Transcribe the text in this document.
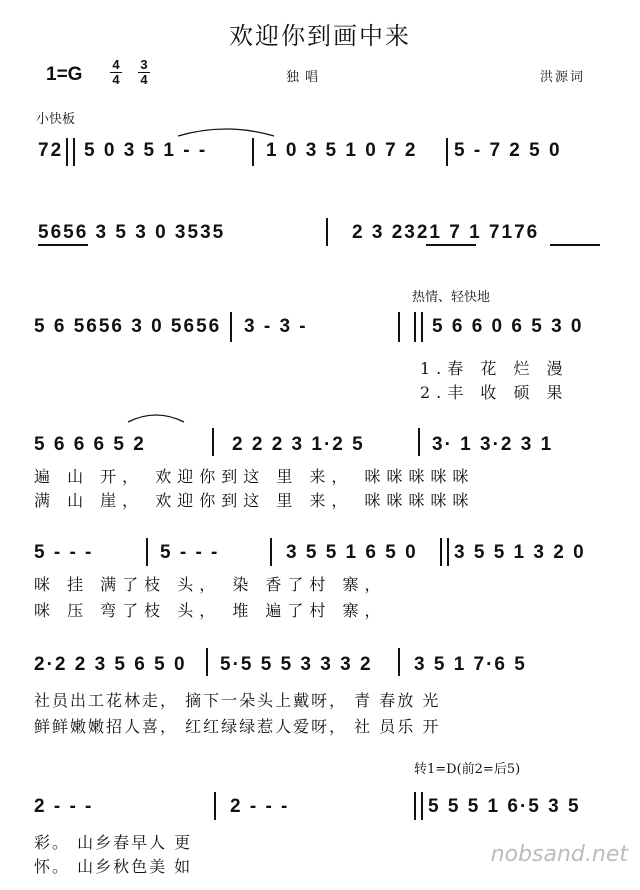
欢迎你到画中来
1=G 4
4
3
4	独唱	洪源词
小快板
72 5 0 3 5 1 - -	1 0 3 5 1 0 7 2 5 - 7 2 5 0
5656 3 5 3 0 3535	2 3 2321 7 1 7176
热情、轻快地
5 6 5656 3 0 5656 3 - 3 -	5 6 6 0 6 5 3 0
1.春 花 烂 漫
2.丰 收 硕 果
5 6 6 6 5 2	2 2 2 3 1·2 5	3· 1 3·2 3 1
遍 山 开， 欢迎你到这 里 来， 咪咪咪咪咪
满 山 崖， 欢迎你到这 里 来， 咪咪咪咪咪
5 - - -	5 - - -	3 5 5 1 6 5 0 3 5 5 1 3 2 0
咪 挂 满了枝 头， 染 香了村 寨，
咪 压 弯了枝 头， 堆 遍了村 寨，
2·2 2 3 5 6 5 0 5·5 5 5 3 3 3 2 3 5 1 7·6 5
社员出工花林走， 摘下一朵头上戴呀， 青 春放 光
鲜鲜嫩嫩招人喜， 红红绿绿惹人爱呀， 社 员乐 开
转1=D(前2=后5)
2 - - -	2 - - -	5 5 5 1 6·5 3 5
彩。 山乡春早人 更
怀。 山乡秋色美 如	nobsand.net
